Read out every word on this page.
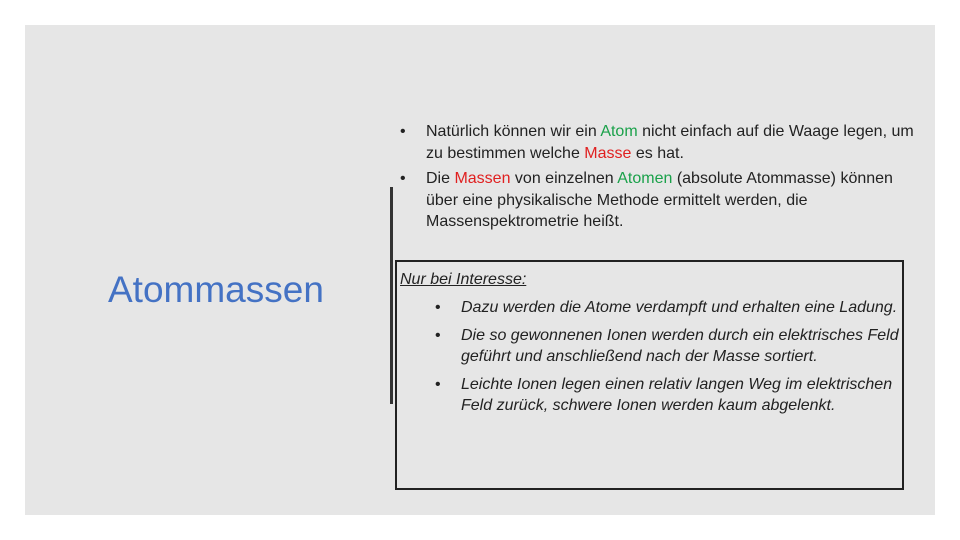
Atommassen
• Natürlich können wir ein Atom nicht einfach auf die Waage legen, um zu bestimmen welche Masse es hat.
• Die Massen von einzelnen Atomen (absolute Atommasse) können über eine physikalische Methode ermittelt werden, die Massenspektrometrie heißt.

Nur bei Interesse:

• Dazu werden die Atome verdampft und erhalten eine Ladung.
• Die so gewonnenen Ionen werden durch ein elektrisches Feld geführt und anschließend nach der Masse sortiert.
• Leichte Ionen legen einen relativ langen Weg im elektrischen Feld zurück, schwere Ionen werden kaum abgelenkt.
